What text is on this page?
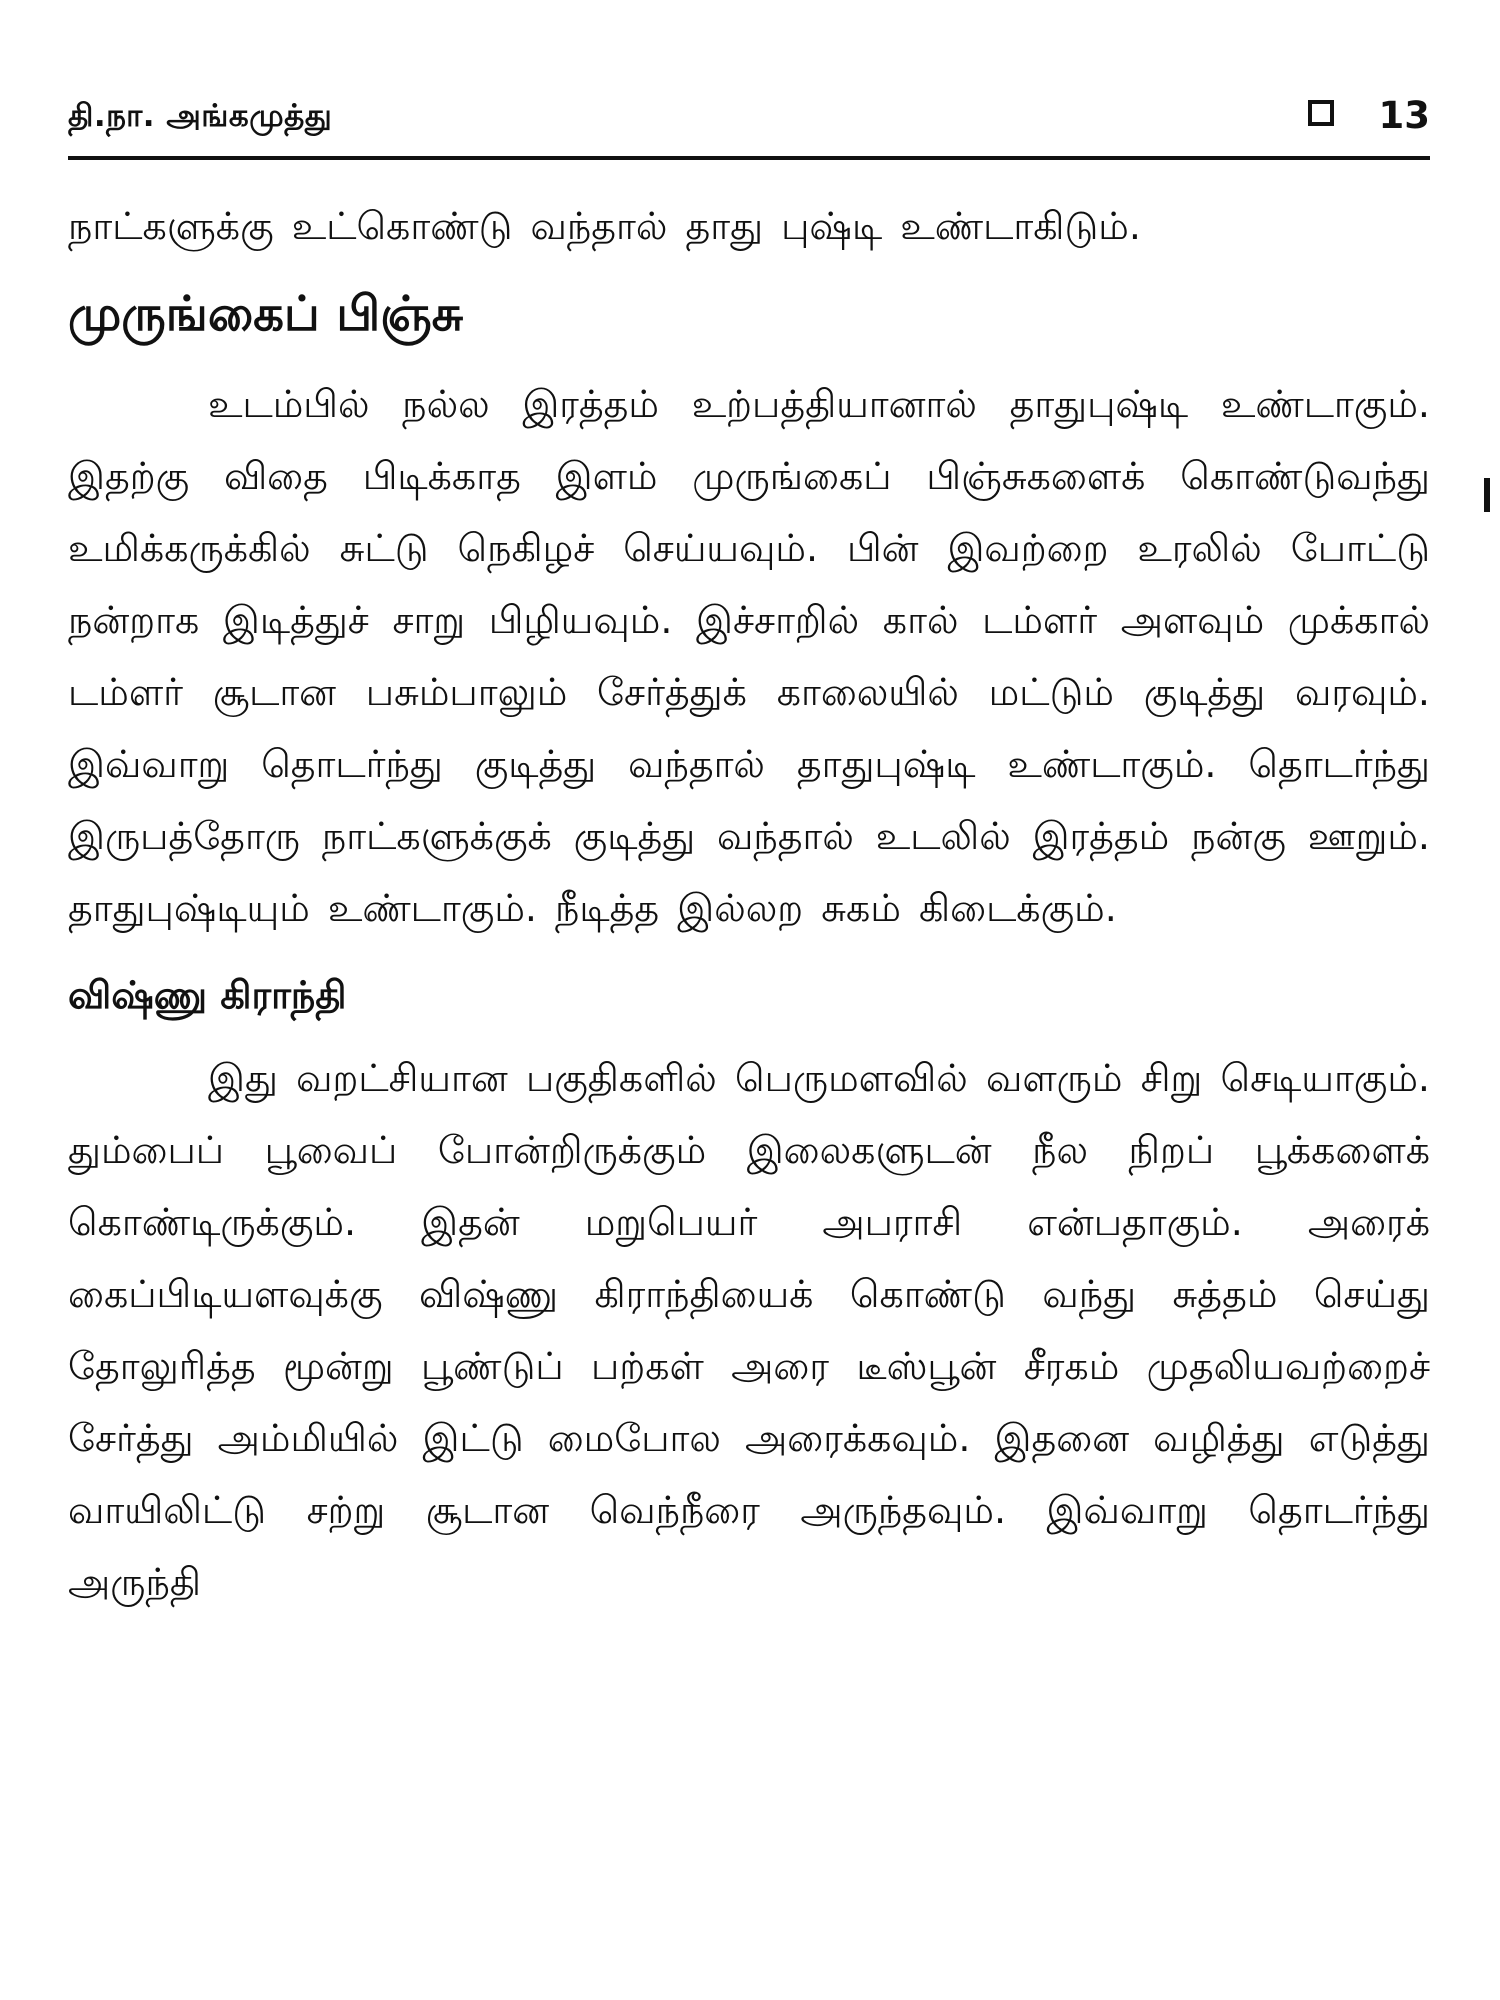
தி.நா. அங்கமுத்து	13

நாட்களுக்கு உட்கொண்டு வந்தால் தாது புஷ்டி உண்டாகிடும்.

முருங்கைப் பிஞ்சு

உடம்பில் நல்ல இரத்தம் உற்பத்தியானால் தாதுபுஷ்டி உண்டாகும். இதற்கு விதை பிடிக்காத இளம் முருங்கைப் பிஞ்சுகளைக் கொண்டுவந்து உமிக்கருக்கில் சுட்டு நெகிழச் செய்யவும். பின் இவற்றை உரலில் போட்டு நன்றாக இடித்துச் சாறு பிழியவும். இச்சாறில் கால் டம்ளர் அளவும் முக்கால் டம்ளர் சூடான பசும்பாலும் சேர்த்துக் காலையில் மட்டும் குடித்து வரவும். இவ்வாறு தொடர்ந்து குடித்து வந்தால் தாதுபுஷ்டி உண்டாகும். தொடர்ந்து இருபத்தோரு நாட்களுக்குக் குடித்து வந்தால் உடலில் இரத்தம் நன்கு ஊறும். தாதுபுஷ்டியும் உண்டாகும். நீடித்த இல்லற சுகம் கிடைக்கும்.

விஷ்ணு கிராந்தி

இது வறட்சியான பகுதிகளில் பெருமளவில் வளரும் சிறு செடியாகும். தும்பைப் பூவைப் போன்றிருக்கும் இலைகளுடன் நீல நிறப் பூக்களைக் கொண்டிருக்கும். இதன் மறுபெயர் அபராசி என்பதாகும். அரைக் கைப்பிடியளவுக்கு விஷ்ணு கிராந்தியைக் கொண்டு வந்து சுத்தம் செய்து தோலுரித்த மூன்று பூண்டுப் பற்கள் அரை டீஸ்பூன் சீரகம் முதலியவற்றைச் சேர்த்து அம்மியில் இட்டு மைபோல அரைக்கவும். இதனை வழித்து எடுத்து வாயிலிட்டு சற்று சூடான வெந்நீரை அருந்தவும். இவ்வாறு தொடர்ந்து அருந்தி
